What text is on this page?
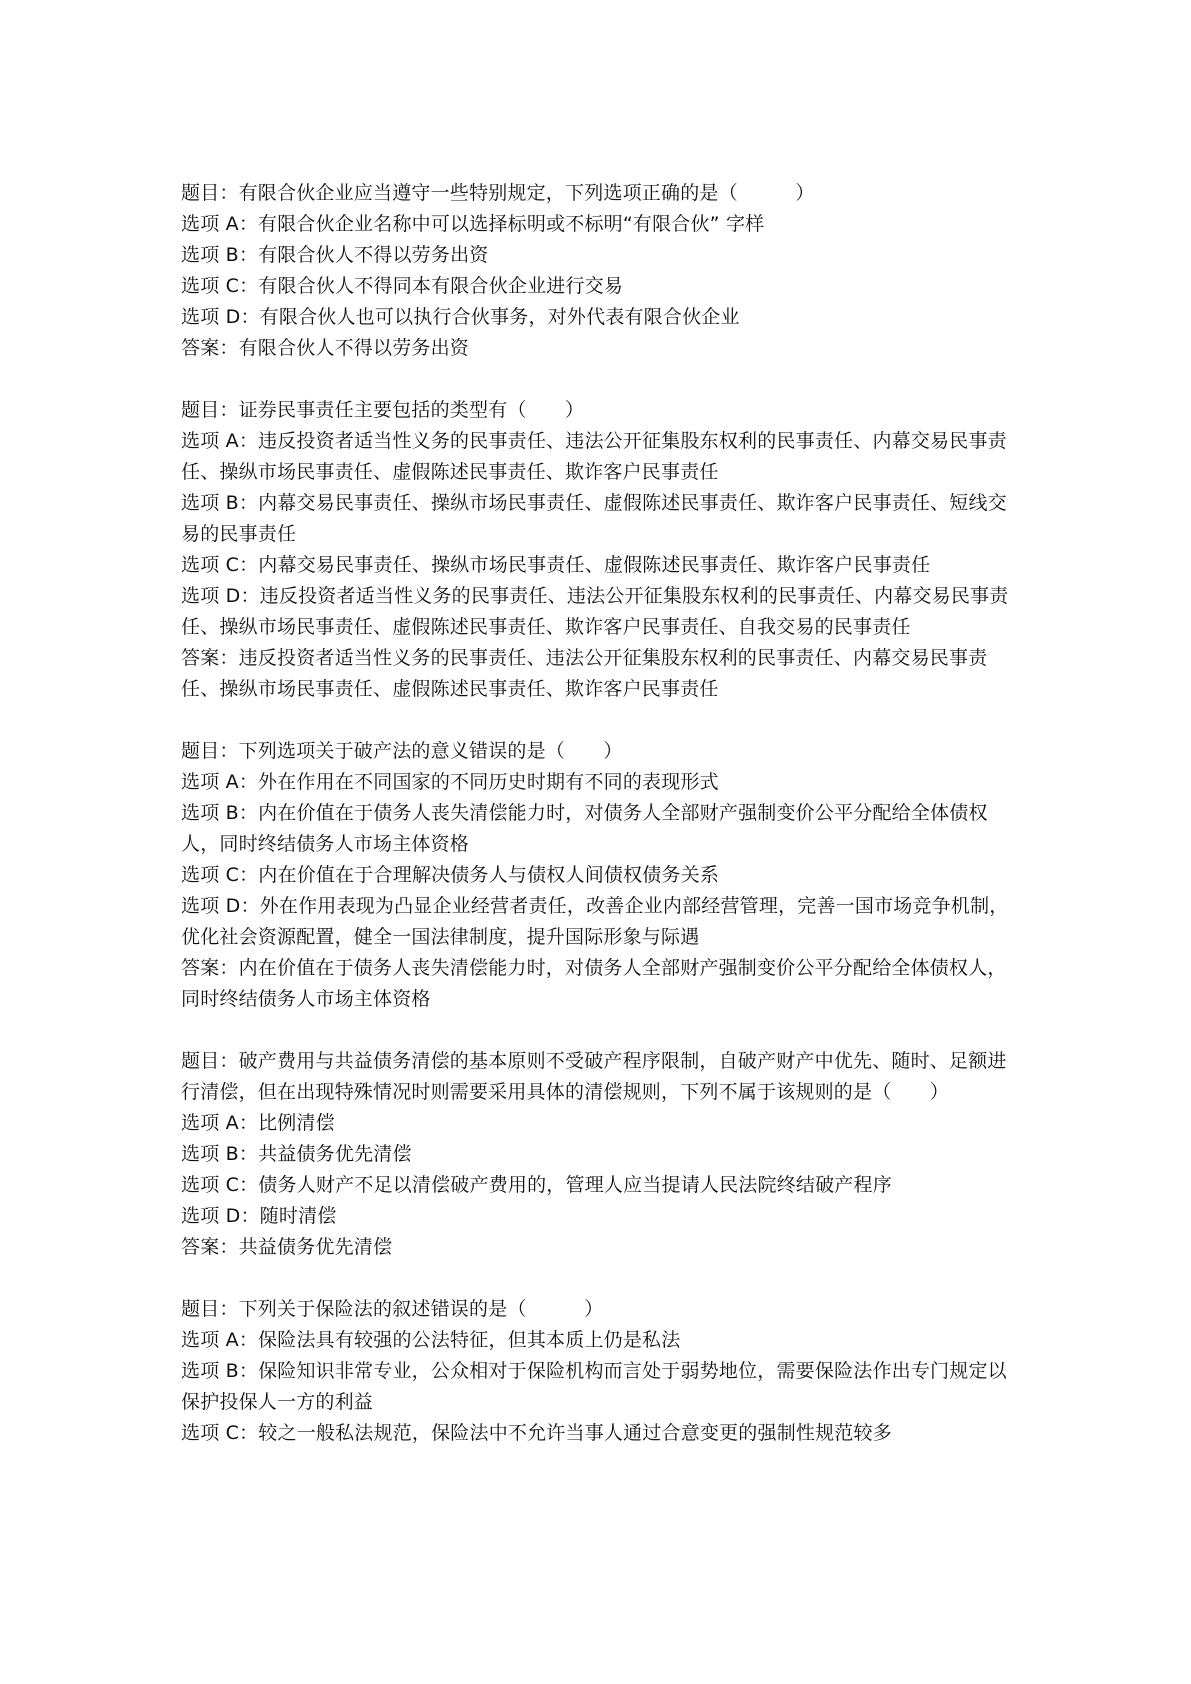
题目：有限合伙企业应当遵守一些特别规定，下列选项正确的是（　　　）
选项 A：有限合伙企业名称中可以选择标明或不标明“有限合伙” 字样
选项 B：有限合伙人不得以劳务出资
选项 C：有限合伙人不得同本有限合伙企业进行交易
选项 D：有限合伙人也可以执行合伙事务，对外代表有限合伙企业
答案：有限合伙人不得以劳务出资
题目：证券民事责任主要包括的类型有（　　）
选项 A：违反投资者适当性义务的民事责任、违法公开征集股东权利的民事责任、内幕交易民事责任、操纵市场民事责任、虚假陈述民事责任、欺诈客户民事责任
选项 B：内幕交易民事责任、操纵市场民事责任、虚假陈述民事责任、欺诈客户民事责任、短线交易的民事责任
选项 C：内幕交易民事责任、操纵市场民事责任、虚假陈述民事责任、欺诈客户民事责任
选项 D：违反投资者适当性义务的民事责任、违法公开征集股东权利的民事责任、内幕交易民事责任、操纵市场民事责任、虚假陈述民事责任、欺诈客户民事责任、自我交易的民事责任
答案：违反投资者适当性义务的民事责任、违法公开征集股东权利的民事责任、内幕交易民事责任、操纵市场民事责任、虚假陈述民事责任、欺诈客户民事责任
题目：下列选项关于破产法的意义错误的是（　　）
选项 A：外在作用在不同国家的不同历史时期有不同的表现形式
选项 B：内在价值在于债务人丧失清偿能力时，对债务人全部财产强制变价公平分配给全体债权人，同时终结债务人市场主体资格
选项 C：内在价值在于合理解决债务人与债权人间债权债务关系
选项 D：外在作用表现为凸显企业经营者责任，改善企业内部经营管理，完善一国市场竞争机制，优化社会资源配置，健全一国法律制度，提升国际形象与际遇
答案：内在价值在于债务人丧失清偿能力时，对债务人全部财产强制变价公平分配给全体债权人，同时终结债务人市场主体资格
题目：破产费用与共益债务清偿的基本原则不受破产程序限制，自破产财产中优先、随时、足额进行清偿，但在出现特殊情况时则需要采用具体的清偿规则，下列不属于该规则的是（　　）
选项 A：比例清偿
选项 B：共益债务优先清偿
选项 C：债务人财产不足以清偿破产费用的，管理人应当提请人民法院终结破产程序
选项 D：随时清偿
答案：共益债务优先清偿
题目：下列关于保险法的叙述错误的是（　　　）
选项 A：保险法具有较强的公法特征，但其本质上仍是私法
选项 B：保险知识非常专业，公众相对于保险机构而言处于弱势地位，需要保险法作出专门规定以保护投保人一方的利益
选项 C：较之一般私法规范，保险法中不允许当事人通过合意变更的强制性规范较多
